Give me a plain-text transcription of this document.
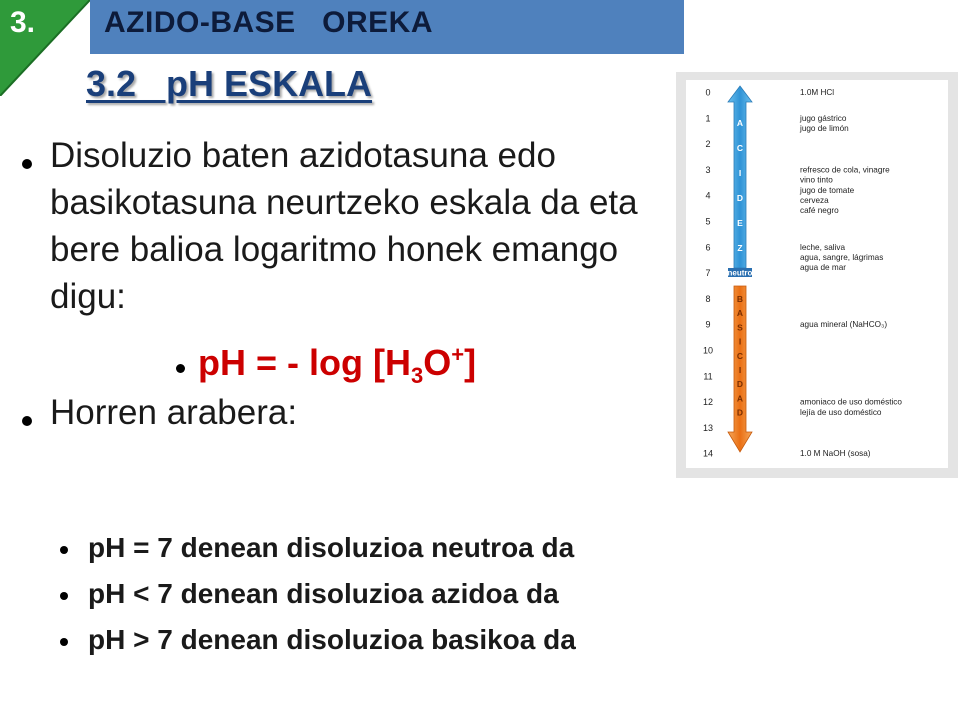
3. AZIDO-BASE   OREKA
3.2   pH ESKALA
Disoluzio baten azidotasuna edo basikotasuna neurtzeko eskala da eta bere balioa logaritmo honek emango digu:
pH = - $\log [H_3O^+]$
Horren arabera:
pH = 7 denean disoluzioa neutroa da
pH < 7 denean disoluzioa azidoa da
pH > 7 denean disoluzioa basikoa da
0
1
2
3
4
5
6
7
8
9
10
11
12
13
14
neutro
A
C
I
D
E
Z
B
A
S
I
C
I
D
A
D
1.0M HCl
jugo gástrico
jugo de limón
refresco de cola, vinagre
vino tinto
jugo de tomate
cerveza
café negro
leche, saliva
agua, sangre, lágrimas
agua de mar
agua mineral (NaHCO₃)
amoniaco de uso doméstico
lejía de uso doméstico
1.0 M NaOH (sosa)
